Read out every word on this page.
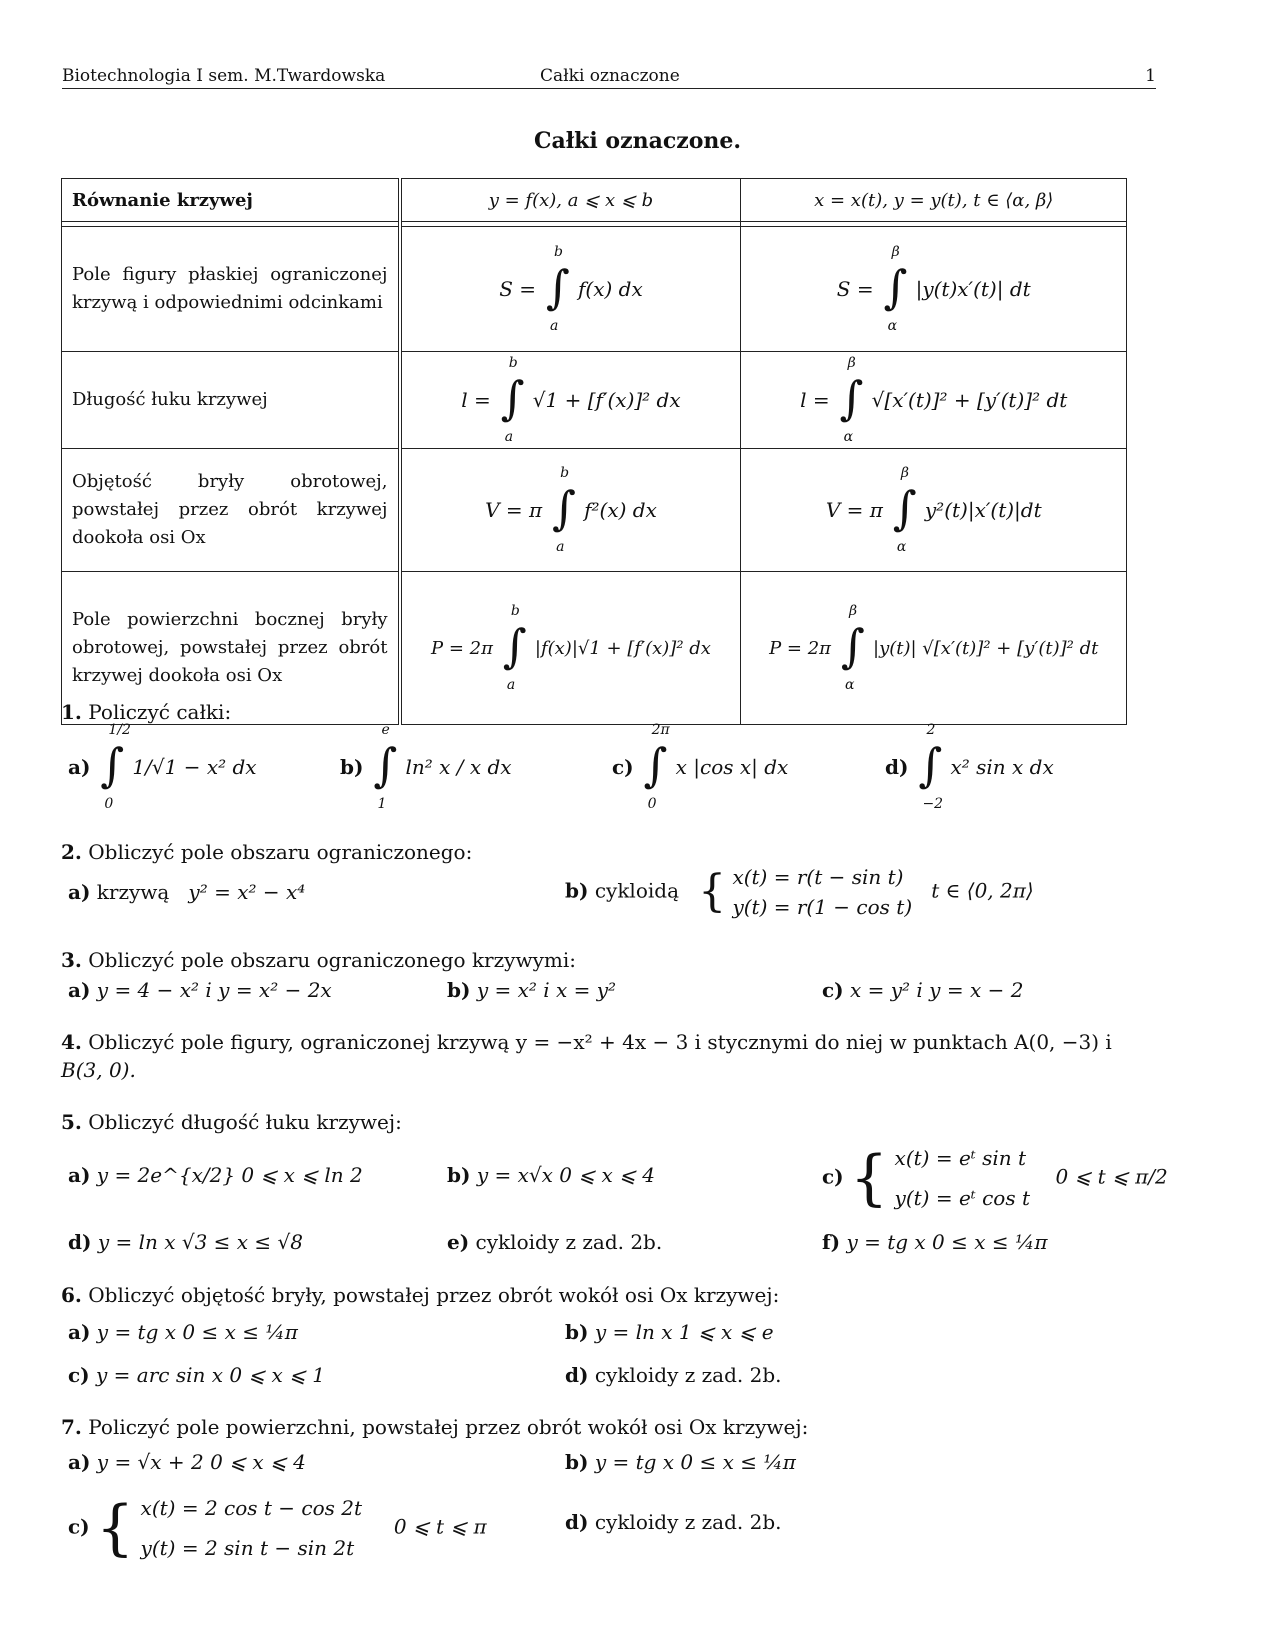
Biotechnologia I sem. M.Twardowska	Całki oznaczone	1
Całki oznaczone.
Równanie krzywej	y = f(x), a ⩽ x ⩽ b	x = x(t), y = y(t), t ∈ ⟨α, β⟩

Pole figury płaskiej ograniczonej krzywą i odpowiednimi odcinkami	S =
b
∫
a
f(x) dx	S =
β
∫
α
|y(t)x′(t)| dt

Długość łuku krzywej	l =
b
∫
a
√1 + [f′(x)]² dx	l =
β
∫
α
√[x′(t)]² + [y′(t)]² dt

Objętość bryły obrotowej, powstałej przez obrót krzywej dookoła osi Ox	V = π
b
∫
a
f²(x) dx	V = π
β
∫
α
y²(t)|x′(t)|dt

Pole powierzchni bocznej bryły obrotowej, powstałej przez obrót krzywej dookoła osi Ox	P = 2π
b
∫
a
|f(x)|√1 + [f′(x)]² dx	P = 2π
β
∫
α
|y(t)| √[x′(t)]² + [y′(t)]² dt
1. Policzyć całki:
a)
1/2
∫
0
1/√1 − x² dx	b)
e
∫
1
ln² x / x dx	c)
2π
∫
0
x |cos x| dx	d)
2
∫
−2
x² sin x dx
2. Obliczyć pole obszaru ograniczonego:
a) krzywą y² = x² − x⁴	b) cykloidą { x(t) = r(t − sin t)
y(t) = r(1 − cos t)   t ∈ ⟨0, 2π⟩
3. Obliczyć pole obszaru ograniczonego krzywymi:
a) y = 4 − x² i y = x² − 2x	b) y = x² i x = y²	c) x = y² i y = x − 2
4. Obliczyć pole figury, ograniczonej krzywą y = −x² + 4x − 3 i stycznymi do niej w punktach A(0, −3) i
B(3, 0).
5. Obliczyć długość łuku krzywej:
a) y = 2e^{x/2} 0 ⩽ x ⩽ ln 2	b) y = x√x 0 ⩽ x ⩽ 4	c) { x(t) = eᵗ sin t
y(t) = eᵗ cos t    0 ⩽ t ⩽ π/2
d) y = ln x √3 ≤ x ≤ √8	e) cykloidy z zad. 2b.	f) y = tg x 0 ≤ x ≤ ¼π
6. Obliczyć objętość bryły, powstałej przez obrót wokół osi Ox krzywej:
a) y = tg x 0 ≤ x ≤ ¼π	b) y = ln x 1 ⩽ x ⩽ e
c) y = arc sin x 0 ⩽ x ⩽ 1	d) cykloidy z zad. 2b.
7. Policzyć pole powierzchni, powstałej przez obrót wokół osi Ox krzywej:
a) y = √x + 2 0 ⩽ x ⩽ 4	b) y = tg x 0 ≤ x ≤ ¼π
c) { x(t) = 2 cos t − cos 2t
y(t) = 2 sin t − sin 2t     0 ⩽ t ⩽ π	d) cykloidy z zad. 2b.
